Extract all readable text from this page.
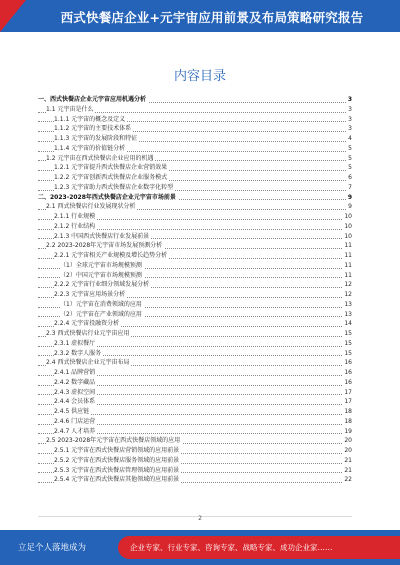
西式快餐店企业+元宇宙应用前景及布局策略研究报告
内容目录
一、西式快餐店企业元宇宙应用机遇分析	3
1.1 元宇宙是什么	3
1.1.1 元宇宙的概念及定义	3
1.1.2 元宇宙的主要技术体系	3
1.1.3 元宇宙的发展阶段和特征	4
1.1.4 元宇宙的价值链分析	5
1.2 元宇宙在西式快餐店企业应用的机遇	5
1.2.1 元宇宙提升西式快餐店企业营销效果	5
1.2.2 元宇宙创新西式快餐店企业服务模式	6
1.2.3 元宇宙助力西式快餐店企业数字化转型	7
二、2023-2028年西式快餐店企业元宇宙市场前景	9
2.1 西式快餐店行业发展现状分析	9
2.1.1 行业规模	10
2.1.2 行业结构	10
2.1.3 中国西式快餐店行业发展前景	10
2.2 2023-2028年元宇宙市场发展预测分析	11
2.2.1 元宇宙相关产业规模及增长趋势分析	11
（1）全球元宇宙市场规模预测	11
（2）中国元宇宙市场规模预测	11
2.2.2 元宇宙行业细分领域发展分析	12
2.2.3 元宇宙应用场景分析	12
（1）元宇宙在消费领域的应用	13
（2）元宇宙在产业领域的应用	13
2.2.4 元宇宙投融资分析	14
2.3 西式快餐店行业元宇宙应用	15
2.3.1 虚拟餐厅	15
2.3.2 数字人服务	15
2.4 西式快餐店企业元宇宙布局	16
2.4.1 品牌营销	16
2.4.2 数字藏品	16
2.4.3 虚拟空间	17
2.4.4 会员体系	17
2.4.5 供应链	18
2.4.6 门店运营	18
2.4.7 人才培养	19
2.5 2023-2028年元宇宙在西式快餐店领域的应用	20
2.5.1 元宇宙在西式快餐店营销领域的应用前景	20
2.5.2 元宇宙在西式快餐店服务领域的应用前景	21
2.5.3 元宇宙在西式快餐店管理领域的应用前景	21
2.5.4 元宇宙在西式快餐店其他领域的应用前景	22
2
立足个人落地成为	企业专家、行业专家、咨询专家、战略专家、成功企业家……
